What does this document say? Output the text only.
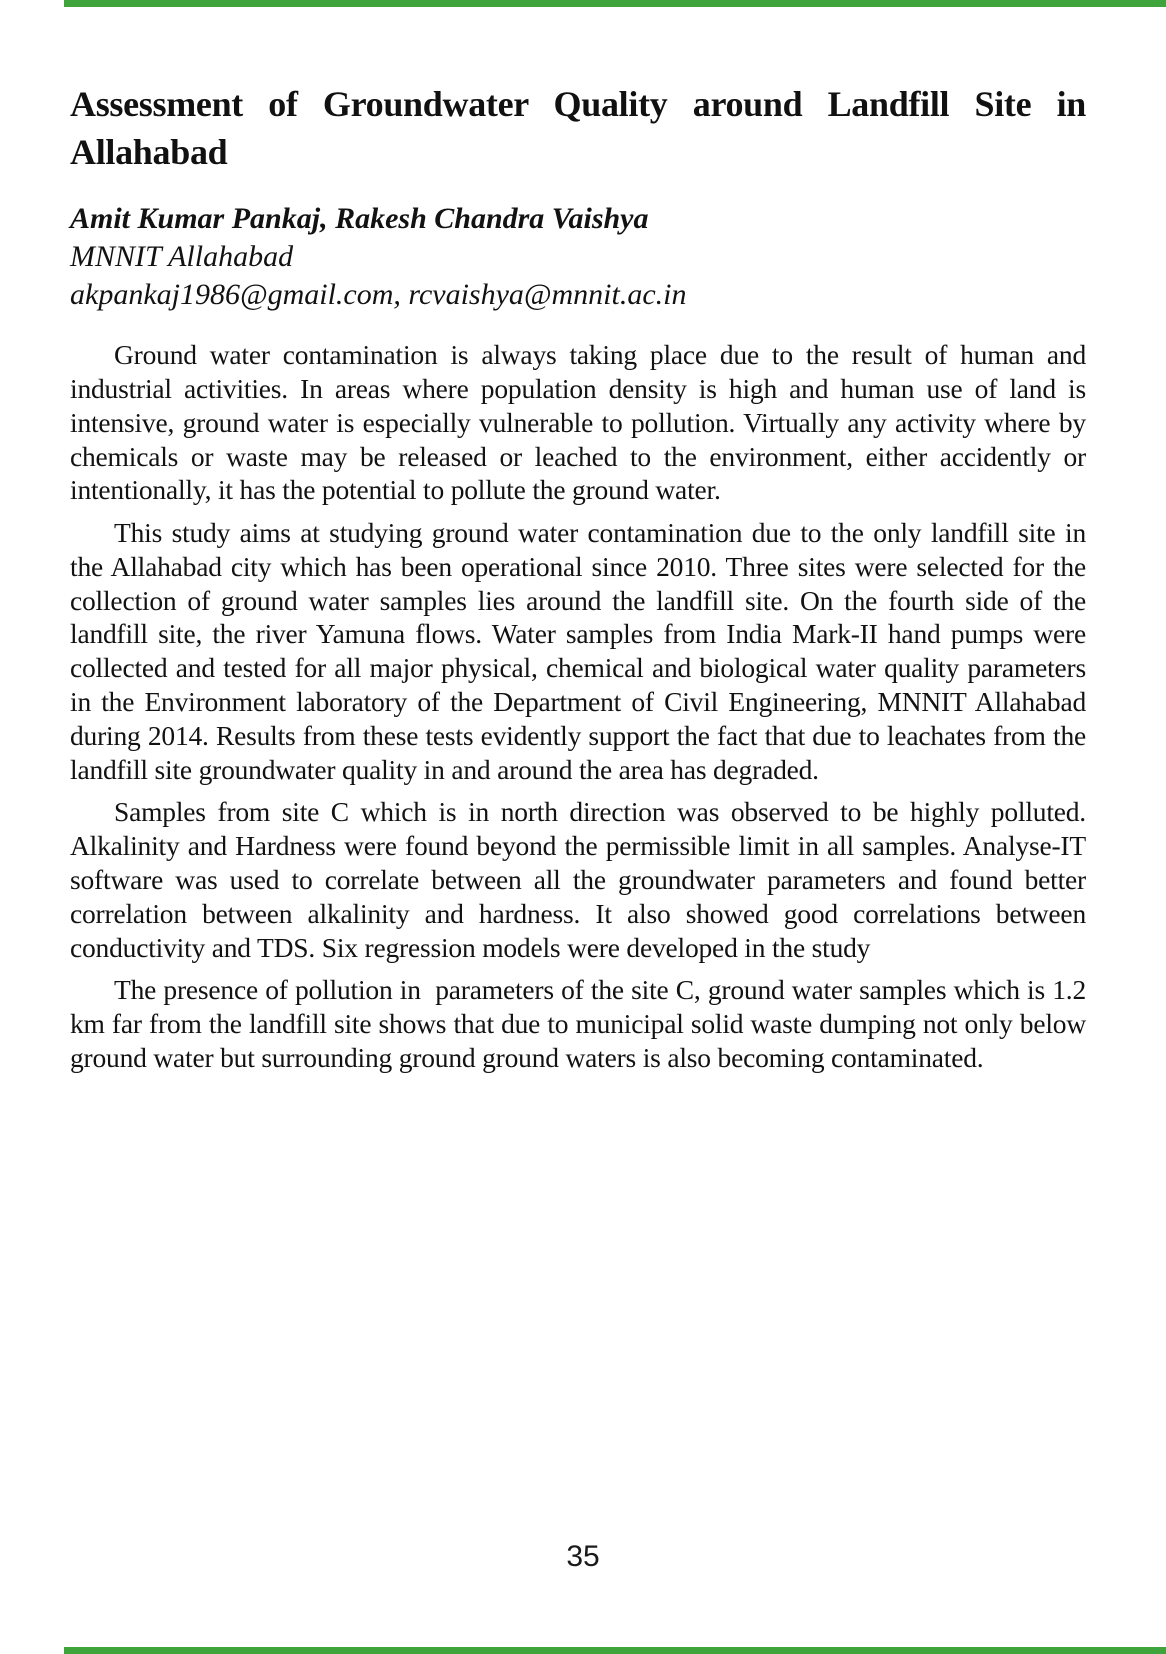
Assessment of Groundwater Quality around Landfill Site in
Allahabad
Amit Kumar Pankaj, Rakesh Chandra Vaishya
MNNIT Allahabad
akpankaj1986@gmail.com, rcvaishya@mnnit.ac.in

Ground water contamination is always taking place due to the result of human and industrial activities. In areas where population density is high and human use of land is intensive, ground water is especially vulnerable to pollution. Virtually any activity where by chemicals or waste may be released or leached to the environment, either accidently or intentionally, it has the potential to pollute the ground water.

This study aims at studying ground water contamination due to the only landfill site in the Allahabad city which has been operational since 2010. Three sites were selected for the collection of ground water samples lies around the landfill site. On the fourth side of the landfill site, the river Yamuna flows. Water samples from India Mark-II hand pumps were collected and tested for all major physical, chemical and biological water quality parameters in the Environment laboratory of the Department of Civil Engineering, MNNIT Allahabad during 2014. Results from these tests evidently support the fact that due to leachates from the landfill site groundwater quality in and around the area has degraded.

Samples from site C which is in north direction was observed to be highly polluted. Alkalinity and Hardness were found beyond the permissible limit in all samples. Analyse-IT software was used to correlate between all the groundwater parameters and found better correlation between alkalinity and hardness. It also showed good correlations between conductivity and TDS. Six regression models were developed in the study

The presence of pollution in  parameters of the site C, ground water samples which is 1.2 km far from the landfill site shows that due to municipal solid waste dumping not only below ground water but surrounding ground ground waters is also becoming contaminated.

35
